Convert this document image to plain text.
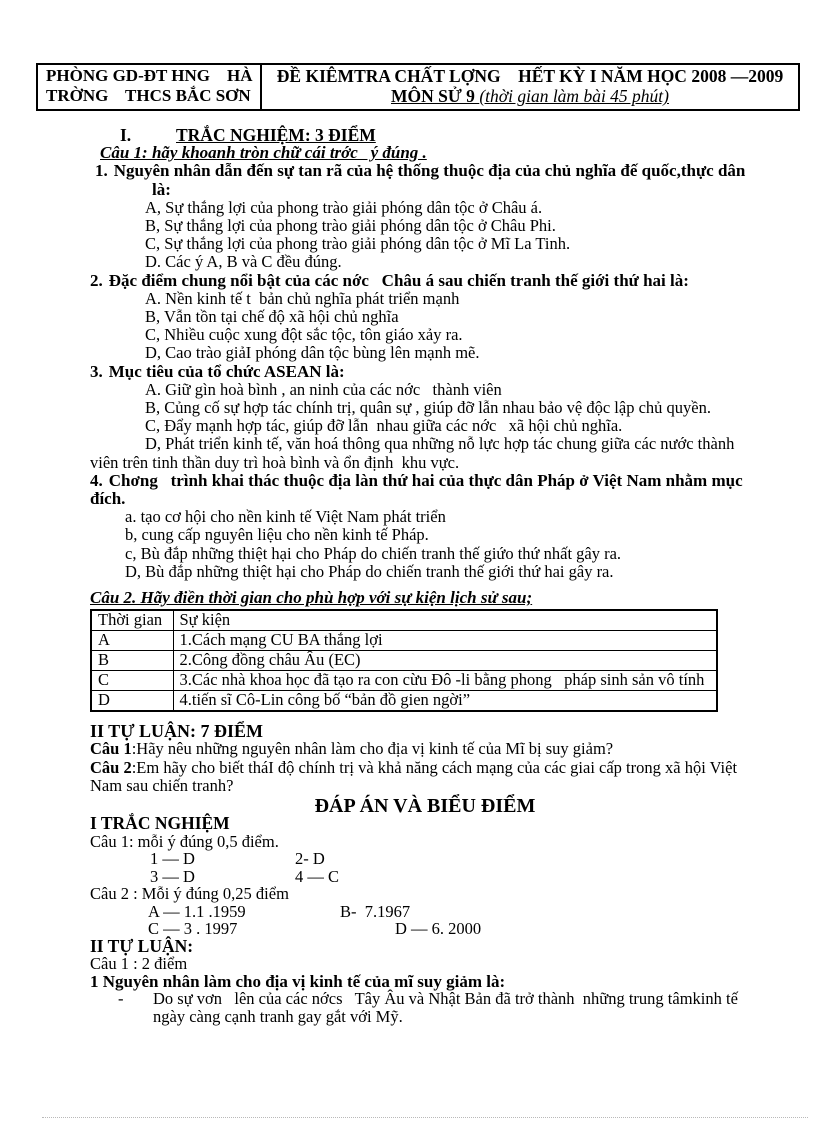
PHÒNG GD-ĐT HNG    HÀ
TRỜNG    THCS BẮC SƠN
ĐỀ KIÊMTRA CHẤT LỢNG    HẾT KỲ I NĂM HỌC 2008 —2009
MÔN SỬ 9 (thời gian làm bài 45 phút)
I.	TRẮC NGHIỆM: 3 ĐIỂM
Câu 1: hãy khoanh tròn chữ cái trớc   ý đúng .
1. Nguyên nhân dẫn đến sự tan rã của hệ thống thuộc địa của chủ nghĩa đế quốc,thực dân là:
A, Sự thắng lợi của phong trào giải phóng dân tộc ở Châu á.
B, Sự thắng lợi của phong trào giải phóng dân tộc ở Châu Phi.
C, Sự thắng lợi của phong trào giải phóng dân tộc ở Mĩ La Tinh.
D. Các ý A, B và C đều đúng.
2. Đặc điểm chung nổi bật của các nớc   Châu á sau chiến tranh thế giới thứ hai là:
A. Nền kinh tế t  bản chủ nghĩa phát triển mạnh
B, Vẫn tồn tại chế độ xã hội chủ nghĩa
C, Nhiều cuộc xung đột sắc tộc, tôn giáo xảy ra.
D, Cao trào giảI phóng dân tộc bùng lên mạnh mẽ.
3. Mục tiêu của tổ chức ASEAN là:
A. Giữ gìn hoà bình , an ninh của các nớc   thành viên
B, Củng cố sự hợp tác chính trị, quân sự , giúp đỡ lẫn nhau bảo vệ độc lập chủ quyền.
C, Đẩy mạnh hợp tác, giúp đỡ lẫn  nhau giữa các nớc   xã hội chủ nghĩa.
D, Phát triển kinh tế, văn hoá thông qua những nỗ lực hợp tác chung giữa các nước thành viên trên tinh thần duy trì hoà bình và ổn định  khu vực.
4. Chơng   trình khai thác thuộc địa làn thứ hai của thực dân Pháp ở Việt Nam nhằm mục đích.
a. tạo cơ hội cho nền kinh tế Việt Nam phát triển
b, cung cấp nguyên liệu cho nền kinh tế Pháp.
c, Bù đắp những thiệt hại cho Pháp do chiến tranh thế giứo thứ nhất gây ra.
D, Bù đắp những thiệt hại cho Pháp do chiến tranh thế giới thứ hai gây ra.
Câu 2. Hãy điền thời gian cho phù hợp với sự kiện lịch sử sau;
Thời gian	Sự kiện
A	1.Cách mạng CU BA thắng lợi
B	2.Công đồng châu Âu (EC)
C	3.Các nhà khoa học đã tạo ra con cừu Đô -li bằng phong   pháp sinh sản vô tính
D	4.tiến sĩ Cô-Lin công bố “bản đồ gien ngời”
II TỰ LUẬN: 7 ĐIỂM
Câu 1:Hãy nêu những nguyên nhân làm cho địa vị kinh tế của Mĩ bị suy giảm?
Câu 2:Em hãy cho biết tháI độ chính trị và khả năng cách mạng của các giai cấp trong xã hội Việt Nam sau chiến tranh?
ĐÁP ÁN VÀ BIỂU ĐIỂM
I TRẮC NGHIỆM
Câu 1: mỗi ý đúng 0,5 điểm.
1 — D	2- D
3 — D	4 — C
Câu 2 : Mỗi ý đúng 0,25 điểm
A — 1.1 .1959	B-  7.1967
C — 3 . 1997	D — 6. 2000
II TỰ LUẬN:
Câu 1 : 2 điểm
1 Nguyên nhân làm cho địa vị kinh tế của mĩ suy giảm là:
-	Do sự vơn   lên của các nớcs   Tây Âu và Nhật Bản đã trở thành  những trung tâmkinh tế ngày càng cạnh tranh gay gắt với Mỹ.
